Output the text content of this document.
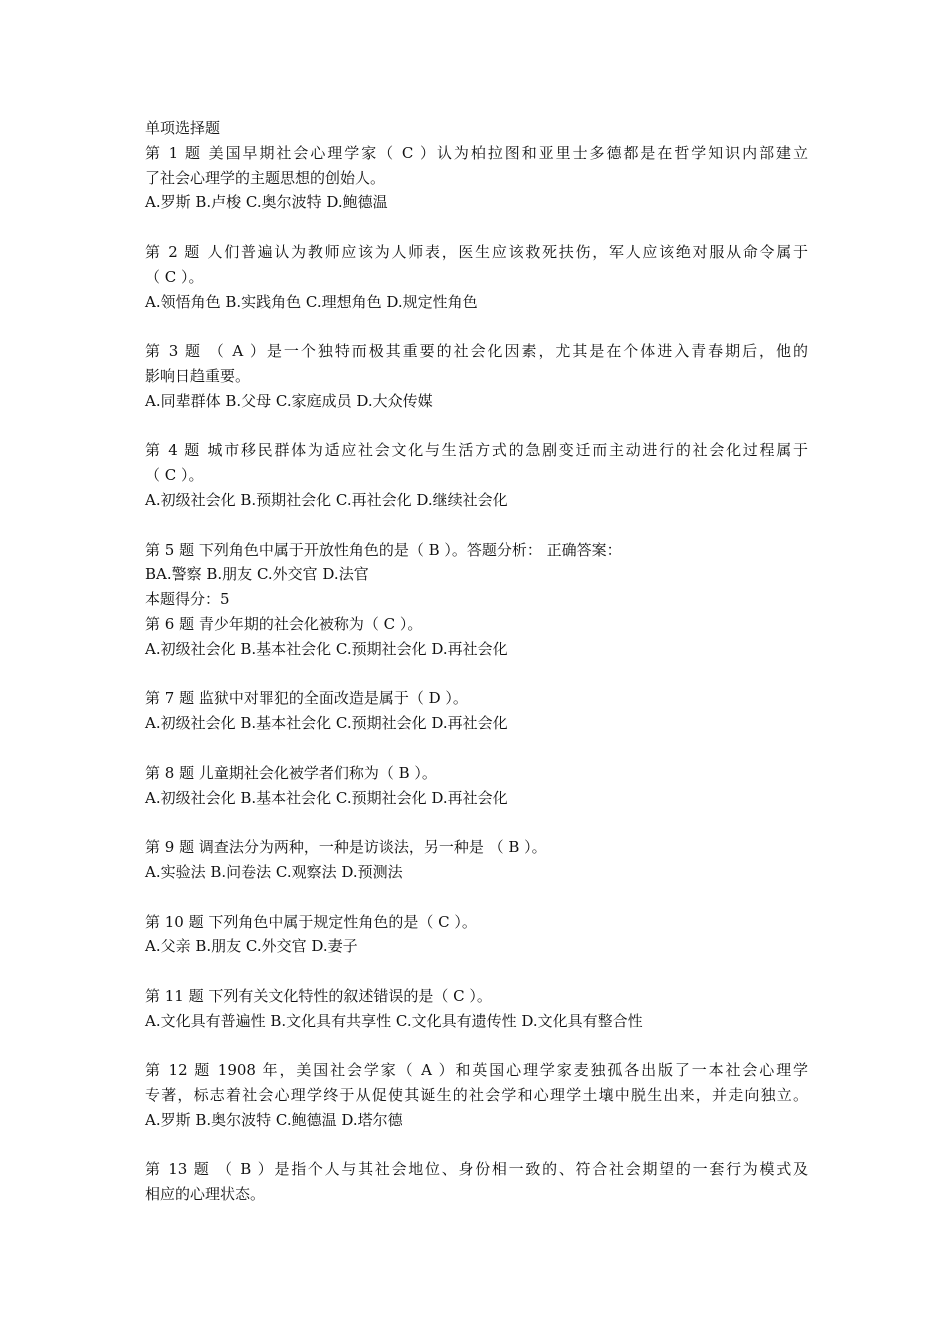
单项选择题
第 1 题 美国早期社会心理学家（ C ）认为柏拉图和亚里士多德都是在哲学知识内部建立
了社会心理学的主题思想的创始人。
A.罗斯 B.卢梭 C.奥尔波特 D.鲍德温
第 2 题 人们普遍认为教师应该为人师表，医生应该救死扶伤，军人应该绝对服从命令属于
（ C ）。
A.领悟角色 B.实践角色 C.理想角色 D.规定性角色
第 3 题 （ A ）是一个独特而极其重要的社会化因素，尤其是在个体进入青春期后，他的
影响日趋重要。
A.同辈群体 B.父母 C.家庭成员 D.大众传媒
第 4 题 城市移民群体为适应社会文化与生活方式的急剧变迁而主动进行的社会化过程属于
（ C ）。
A.初级社会化 B.预期社会化 C.再社会化 D.继续社会化
第 5 题 下列角色中属于开放性角色的是（ B ）。答题分析： 正确答案：
BA.警察 B.朋友 C.外交官 D.法官
本题得分：5
第 6 题 青少年期的社会化被称为（ C ）。
A.初级社会化 B.基本社会化 C.预期社会化 D.再社会化
第 7 题 监狱中对罪犯的全面改造是属于（ D ）。
A.初级社会化 B.基本社会化 C.预期社会化 D.再社会化
第 8 题 儿童期社会化被学者们称为（ B ）。
A.初级社会化 B.基本社会化 C.预期社会化 D.再社会化
第 9 题 调查法分为两种，一种是访谈法，另一种是 （ B ）。
A.实验法 B.问卷法 C.观察法 D.预测法
第 10 题 下列角色中属于规定性角色的是（ C ）。
A.父亲 B.朋友 C.外交官 D.妻子
第 11 题 下列有关文化特性的叙述错误的是（ C ）。
A.文化具有普遍性 B.文化具有共享性 C.文化具有遗传性 D.文化具有整合性
第 12 题 1908 年，美国社会学家（ A ）和英国心理学家麦独孤各出版了一本社会心理学
专著，标志着社会心理学终于从促使其诞生的社会学和心理学土壤中脱生出来，并走向独立。
A.罗斯 B.奥尔波特 C.鲍德温 D.塔尔德
第 13 题 （ B ）是指个人与其社会地位、身份相一致的、符合社会期望的一套行为模式及
相应的心理状态。
